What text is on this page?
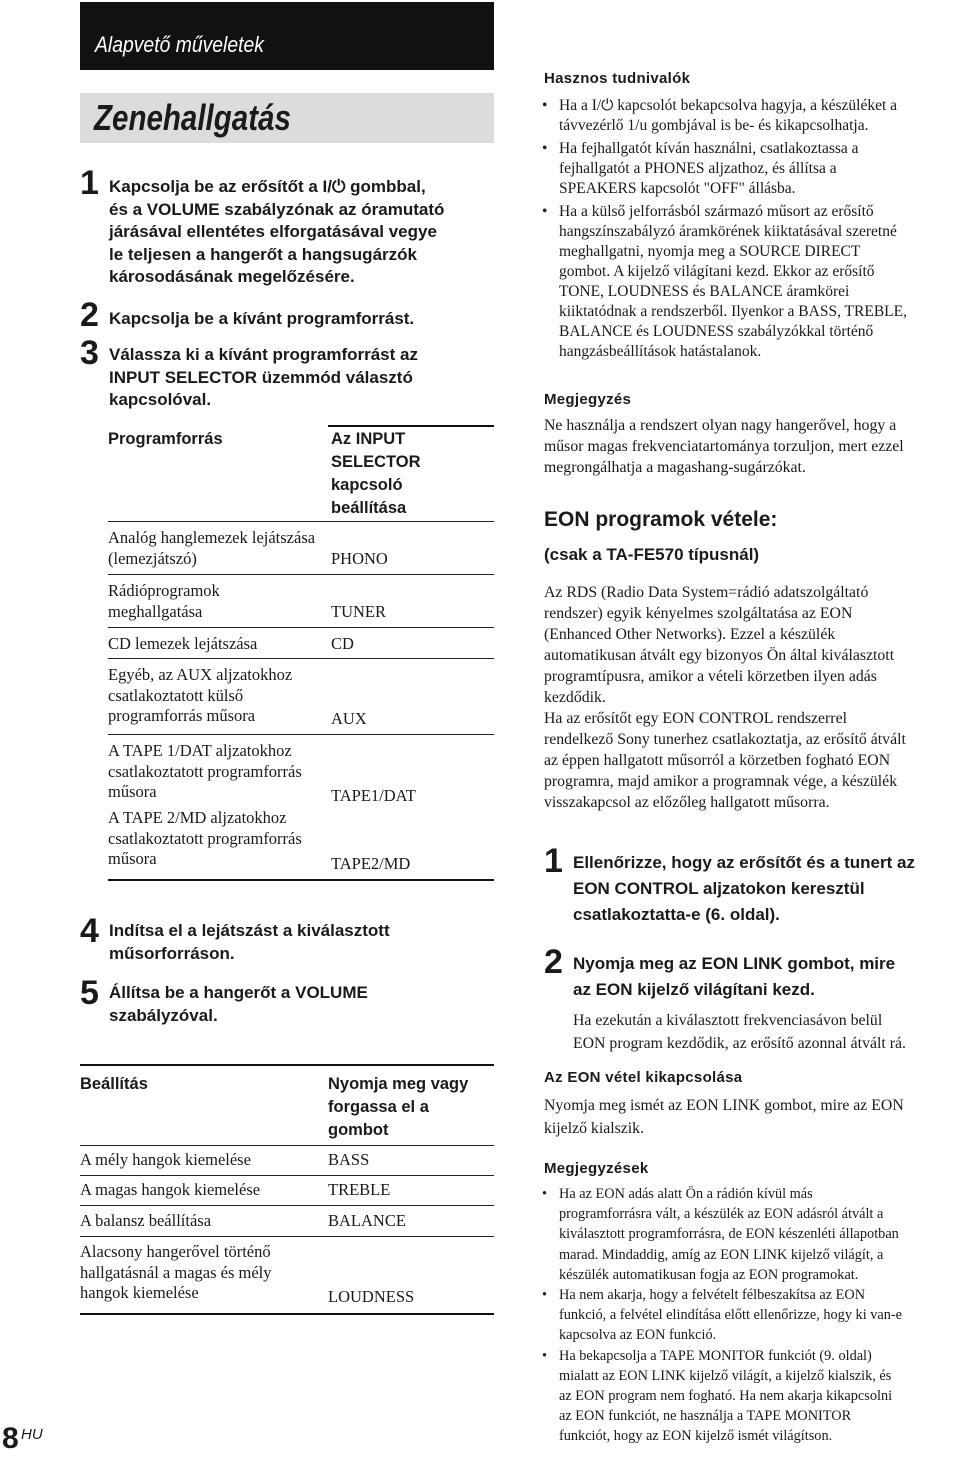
Alapvető műveletek
Zenehallgatás
1 Kapcsolja be az erősítőt a I/⏻ gombbal,
és a VOLUME szabályzónak az óramutató
járásával ellentétes elforgatásával vegye
le teljesen a hangerőt a hangsugárzók
károsodásának megelőzésére.
2 Kapcsolja be a kívánt programforrást.
3 Válassza ki a kívánt programforrást az
INPUT SELECTOR üzemmód választó
kapcsolóval.
Programforrás	Az INPUT
SELECTOR
kapcsoló
beállítása
Analóg hanglemezek lejátszása
(lemezjátszó)	PHONO
Rádióprogramok
meghallgatása	TUNER
CD lemezek lejátszása	CD
Egyéb, az AUX aljzatokhoz
csatlakoztatott külső
programforrás műsora	AUX
A TAPE 1/DAT aljzatokhoz
csatlakoztatott programforrás
műsora	TAPE1/DAT
A TAPE 2/MD aljzatokhoz
csatlakoztatott programforrás
műsora	TAPE2/MD
4 Indítsa el a lejátszást a kiválasztott
műsorforráson.
5 Állítsa be a hangerőt a VOLUME
szabályzóval.
Beállítás	Nyomja meg vagy
forgassa el a
gombot
A mély hangok kiemelése	BASS
A magas hangok kiemelése	TREBLE
A balansz beállítása	BALANCE
Alacsony hangerővel történő
hallgatásnál a magas és mély
hangok kiemelése	LOUDNESS
Hasznos tudnivalók
• Ha a I/⏻ kapcsolót bekapcsolva hagyja, a készüléket a
távvezérlő 1/u gombjával is be- és kikapcsolhatja.
• Ha fejhallgatót kíván használni, csatlakoztassa a
fejhallgatót a PHONES aljzathoz, és állítsa a
SPEAKERS kapcsolót "OFF" állásba.
• Ha a külső jelforrásból származó műsort az erősítő
hangszínszabályzó áramkörének kiiktatásával szeretné
meghallgatni, nyomja meg a SOURCE DIRECT
gombot. A kijelző világítani kezd. Ekkor az erősítő
TONE, LOUDNESS és BALANCE áramkörei
kiiktatódnak a rendszerből. Ilyenkor a BASS, TREBLE,
BALANCE és LOUDNESS szabályzókkal történő
hangzásbeállítások hatástalanok.
Megjegyzés
Ne használja a rendszert olyan nagy hangerővel, hogy a
műsor magas frekvenciatartománya torzuljon, mert ezzel
megrongálhatja a magashang-sugárzókat.
EON programok vétele:
(csak a TA-FE570 típusnál)
Az RDS (Radio Data System=rádió adatszolgáltató
rendszer) egyik kényelmes szolgáltatása az EON
(Enhanced Other Networks). Ezzel a készülék
automatikusan átvált egy bizonyos Ön által kiválasztott
programtípusra, amikor a vételi körzetben ilyen adás
kezdődik.
Ha az erősítőt egy EON CONTROL rendszerrel
rendelkező Sony tunerhez csatlakoztatja, az erősítő átvált
az éppen hallgatott műsorról a körzetben fogható EON
programra, majd amikor a programnak vége, a készülék
visszakapcsol az előzőleg hallgatott műsorra.
1 Ellenőrizze, hogy az erősítőt és a tunert az
EON CONTROL aljzatokon keresztül
csatlakoztatta-e (6. oldal).
2 Nyomja meg az EON LINK gombot, mire
az EON kijelző világítani kezd.
Ha ezekután a kiválasztott frekvenciasávon belül
EON program kezdődik, az erősítő azonnal átvált rá.
Az EON vétel kikapcsolása
Nyomja meg ismét az EON LINK gombot, mire az EON
kijelző kialszik.
Megjegyzések
• Ha az EON adás alatt Ön a rádión kívül más
programforrásra vált, a készülék az EON adásról átvált a
kiválasztott programforrásra, de EON készenléti állapotban
marad. Mindaddig, amíg az EON LINK kijelző világít, a
készülék automatikusan fogja az EON programokat.
• Ha nem akarja, hogy a felvételt félbeszakítsa az EON
funkció, a felvétel elindítása előtt ellenőrizze, hogy ki van-e
kapcsolva az EON funkció.
• Ha bekapcsolja a TAPE MONITOR funkciót (9. oldal)
mialatt az EON LINK kijelző világít, a kijelző kialszik, és
az EON program nem fogható. Ha nem akarja kikapcsolni
az EON funkciót, ne használja a TAPE MONITOR
funkciót, hogy az EON kijelző ismét világítson.
8 HU
